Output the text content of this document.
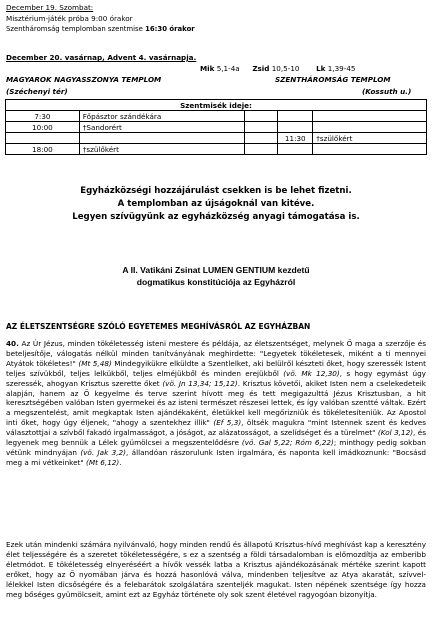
December 19. Szombat:
Misztérium-játék próba 9:00 órakor
Szentháromság templomban szentmise 16:30 órakor
December 20. vasárnap, Advent 4. vasárnapja.
Mik 5,1-4a Zsid 10,5-10 Lk 1,39-45
MAGYAROK NAGYASSZONYA TEMPLOM	SZENTHÁROMSÁG TEMPLOM
(Széchenyi tér)	(Kossuth u.)
Szentmisék ideje:				
7:30	Főpásztor szándékára			
10:00	†Sandorért			
			11:30	†szülőkért
18:00	†szülőkért			
Egyházközségi hozzájárulást csekken is be lehet fizetni.
A templomban az újságoknál van kitéve.
Legyen szívügyünk az egyházközség anyagi támogatása is.
A II. Vatikáni Zsinat LUMEN GENTIUM kezdetű
dogmatikus konstitúciója az Egyházról
AZ ÉLETSZENTSÉGRE SZÓLÓ EGYETEMES MEGHÍVÁSRÓL AZ EGYHÁZBAN
40. Az Úr Jézus, minden tökéletesség isteni mestere és példája, az életszentséget, melynek Ő maga a szerzője és beteljesítője, válogatás nélkül minden tanítványának meghirdette: "Legyetek tökéletesek, miként a ti mennyei Atyátok tökéletes!" (Mt 5,48) Mindegyikükre elküldte a Szentlelket, aki belülről készteti őket, hogy szeressék Istent teljes szívükből, teljes lelkükből, teljes elméjükből és minden erejükből (vö. Mk 12,30), s hogy egymást úgy szeressék, ahogyan Krisztus szerette őket (vö. Jn 13,34; 15,12). Krisztus követői, akiket Isten nem a cselekedeteik alapján, hanem az Ő kegyelme és terve szerint hívott meg és tett megigazulttá Jézus Krisztusban, a hit keresztségében valóban Isten gyermekei és az isteni természet részesei lettek, és így valóban szentté váltak. Ezért a megszentelést, amit megkaptak Isten ajándékaként, életükkel kell megőrizniük és tökéletesíteniük. Az Apostol inti őket, hogy úgy éljenek, "ahogy a szentekhez illik" (Ef 5,3), öltsék magukra "mint Istennek szent és kedves választottjai a szívből fakadó irgalmasságot, a jóságot, az alázatosságot, a szelídséget és a türelmet" (Kol 3,12), és legyenek meg bennük a Lélek gyümölcsei a megszentelődésre (vö. Gal 5,22; Róm 6,22); minthogy pedig sokban vétünk mindnyájan (vö. Jak 3,2), állandóan rászorulunk Isten irgalmára, és naponta kell imádkoznunk: "Bocsásd meg a mi vétkeinket" (Mt 6,12).
Ezek után mindenki számára nyilvánvaló, hogy minden rendű és állapotú Krisztus-hívő meghívást kap a keresztény élet teljességére és a szeretet tökéletességére, s ez a szentség a földi társadalomban is előmozdítja az emberibb életmódot. E tökéletesség elnyeréséért a hívők vessék latba a Krisztus ajándékozásának mértéke szerint kapott erőket, hogy az Ő nyomában járva és hozzá hasonlóvá válva, mindenben teljesítve az Atya akaratát, szívvel-lélekkel Isten dicsőségére és a felebarátok szolgálatára szenteljék magukat. Isten népének szentsége így hozza meg bőséges gyümölcseit, amint ezt az Egyház története oly sok szent életével ragyogóan bizonyítja.
